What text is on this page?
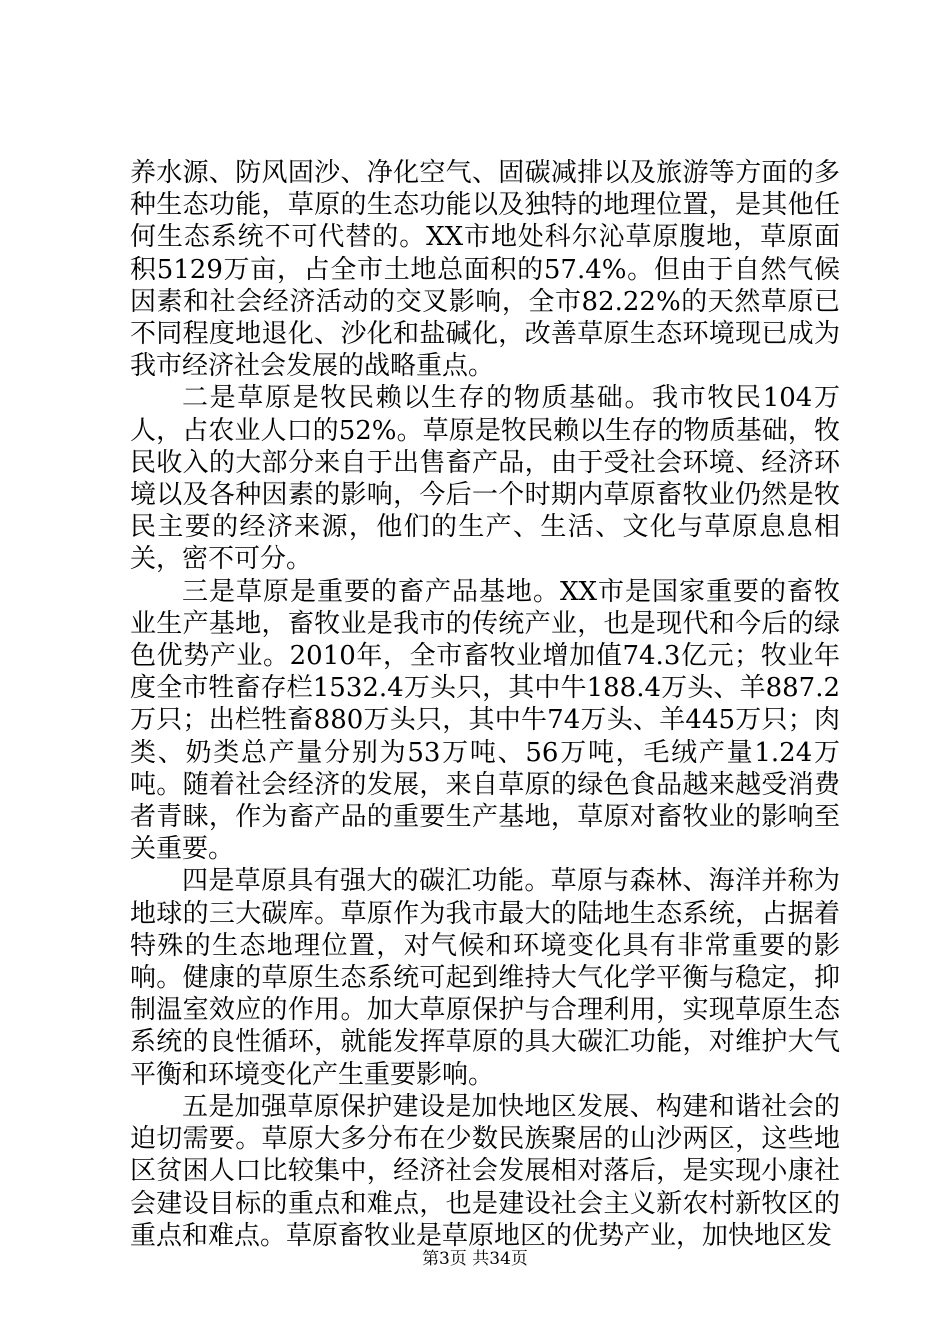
养水源、防风固沙、净化空气、固碳减排以及旅游等方面的多种生态功能，草原的生态功能以及独特的地理位置，是其他任何生态系统不可代替的。XX市地处科尔沁草原腹地，草原面积5129万亩，占全市土地总面积的57.4%。但由于自然气候因素和社会经济活动的交叉影响，全市82.22%的天然草原已不同程度地退化、沙化和盐碱化，改善草原生态环境现已成为我市经济社会发展的战略重点。

二是草原是牧民赖以生存的物质基础。我市牧民104万人，占农业人口的52%。草原是牧民赖以生存的物质基础，牧民收入的大部分来自于出售畜产品，由于受社会环境、经济环境以及各种因素的影响，今后一个时期内草原畜牧业仍然是牧民主要的经济来源，他们的生产、生活、文化与草原息息相关，密不可分。

三是草原是重要的畜产品基地。XX市是国家重要的畜牧业生产基地，畜牧业是我市的传统产业，也是现代和今后的绿色优势产业。2010年，全市畜牧业增加值74.3亿元；牧业年度全市牲畜存栏1532.4万头只，其中牛188.4万头、羊887.2万只；出栏牲畜880万头只，其中牛74万头、羊445万只；肉类、奶类总产量分别为53万吨、56万吨，毛绒产量1.24万吨。随着社会经济的发展，来自草原的绿色食品越来越受消费者青睐，作为畜产品的重要生产基地，草原对畜牧业的影响至关重要。

四是草原具有强大的碳汇功能。草原与森林、海洋并称为地球的三大碳库。草原作为我市最大的陆地生态系统，占据着特殊的生态地理位置，对气候和环境变化具有非常重要的影响。健康的草原生态系统可起到维持大气化学平衡与稳定，抑制温室效应的作用。加大草原保护与合理利用，实现草原生态系统的良性循环，就能发挥草原的具大碳汇功能，对维护大气平衡和环境变化产生重要影响。

五是加强草原保护建设是加快地区发展、构建和谐社会的迫切需要。草原大多分布在少数民族聚居的山沙两区，这些地区贫困人口比较集中，经济社会发展相对落后，是实现小康社会建设目标的重点和难点，也是建设社会主义新农村新牧区的重点和难点。草原畜牧业是草原地区的优势产业，加快地区发

第3页 共34页
